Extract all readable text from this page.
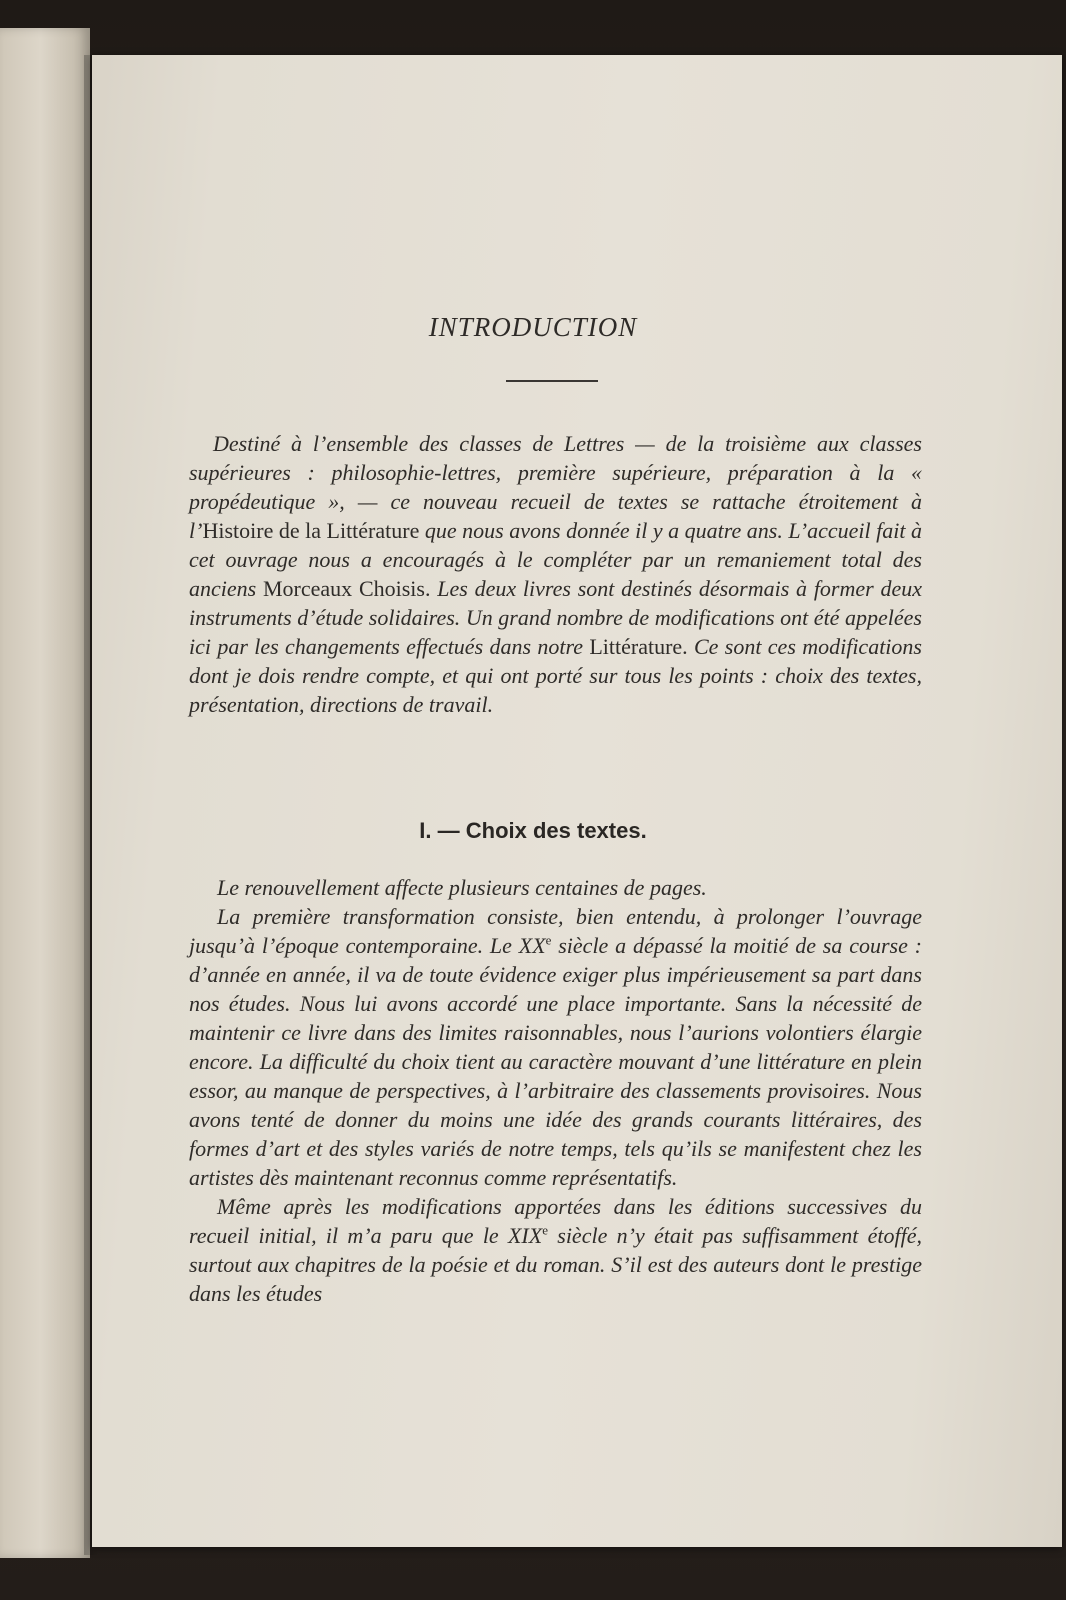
INTRODUCTION

Destiné à l’ensemble des classes de Lettres — de la troisième aux classes supérieures : philosophie-lettres, première supérieure, préparation à la « propédeutique », — ce nouveau recueil de textes se rattache étroitement à l’Histoire de la Littérature que nous avons donnée il y a quatre ans. L’accueil fait à cet ouvrage nous a encouragés à le compléter par un remaniement total des anciens Morceaux Choisis. Les deux livres sont destinés désormais à former deux instruments d’étude solidaires. Un grand nombre de modifications ont été appelées ici par les changements effectués dans notre Littérature. Ce sont ces modifications dont je dois rendre compte, et qui ont porté sur tous les points : choix des textes, présentation, directions de travail.

I. — Choix des textes.

Le renouvellement affecte plusieurs centaines de pages.

La première transformation consiste, bien entendu, à prolonger l’ouvrage jusqu’à l’époque contemporaine. Le XXe siècle a dépassé la moitié de sa course : d’année en année, il va de toute évidence exiger plus impérieusement sa part dans nos études. Nous lui avons accordé une place importante. Sans la nécessité de maintenir ce livre dans des limites raisonnables, nous l’aurions volontiers élargie encore. La difficulté du choix tient au caractère mouvant d’une littérature en plein essor, au manque de perspectives, à l’arbitraire des classements provisoires. Nous avons tenté de donner du moins une idée des grands courants littéraires, des formes d’art et des styles variés de notre temps, tels qu’ils se manifestent chez les artistes dès maintenant reconnus comme représentatifs.

Même après les modifications apportées dans les éditions successives du recueil initial, il m’a paru que le XIXe siècle n’y était pas suffisamment étoffé, surtout aux chapitres de la poésie et du roman. S’il est des auteurs dont le prestige dans les études
